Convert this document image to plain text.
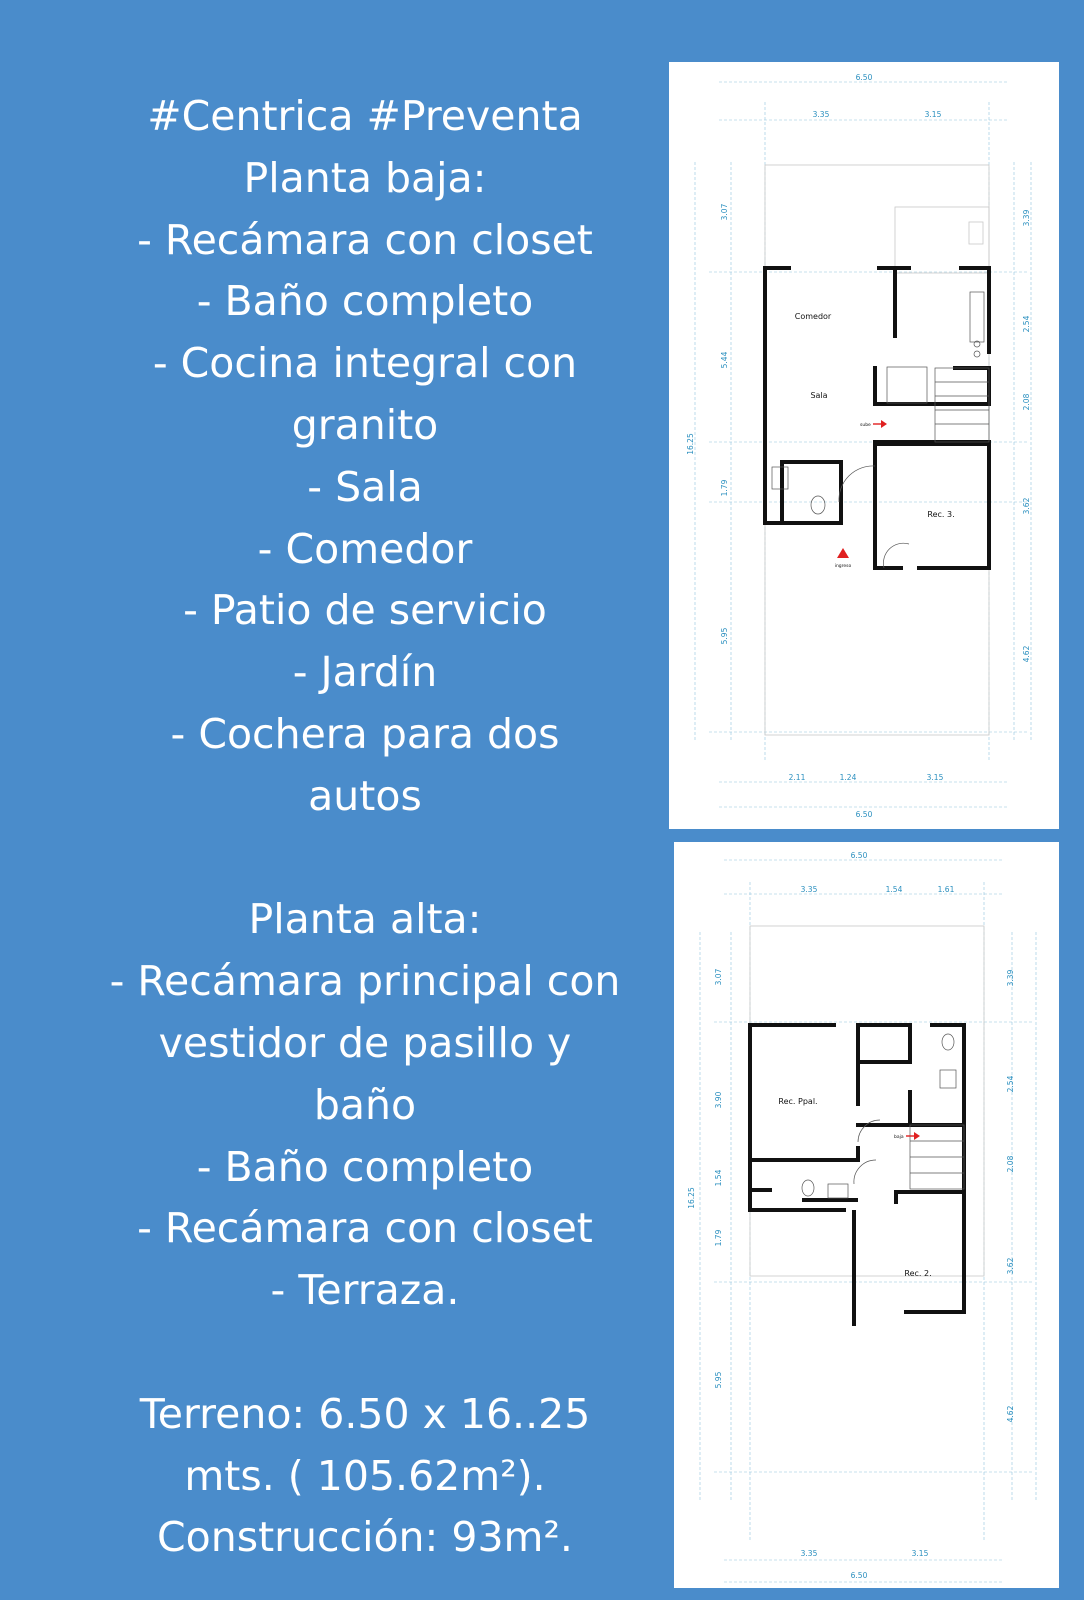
#Centrica #Preventa
Planta baja:
- Recámara con closet
- Baño completo
- Cocina integral con
granito
- Sala
- Comedor
- Patio de servicio
- Jardín
- Cochera para dos
autos
Planta alta:
- Recámara principal con
vestidor de pasillo y
baño
- Baño completo
- Recámara con closet
- Terraza.
Terreno: 6.50 x 16..25
mts. ( 105.62m²).
Construcción: 93m².
6.50
3.35	3.15
16.25
3.07
5.44
1.79
5.95
3.39
2.54
2.08
3.62
4.62
2.11	1.24	3.15
6.50
Comedor
Sala
Rec. 3.
sube
ingreso
6.50
3.35	1.54	1.61
16.25
3.07
3.90
1.54
1.79
5.95
3.39
2.54
2.08
3.62
4.62
3.35	3.15
6.50
Rec. Ppal.
Rec. 2.
baja
